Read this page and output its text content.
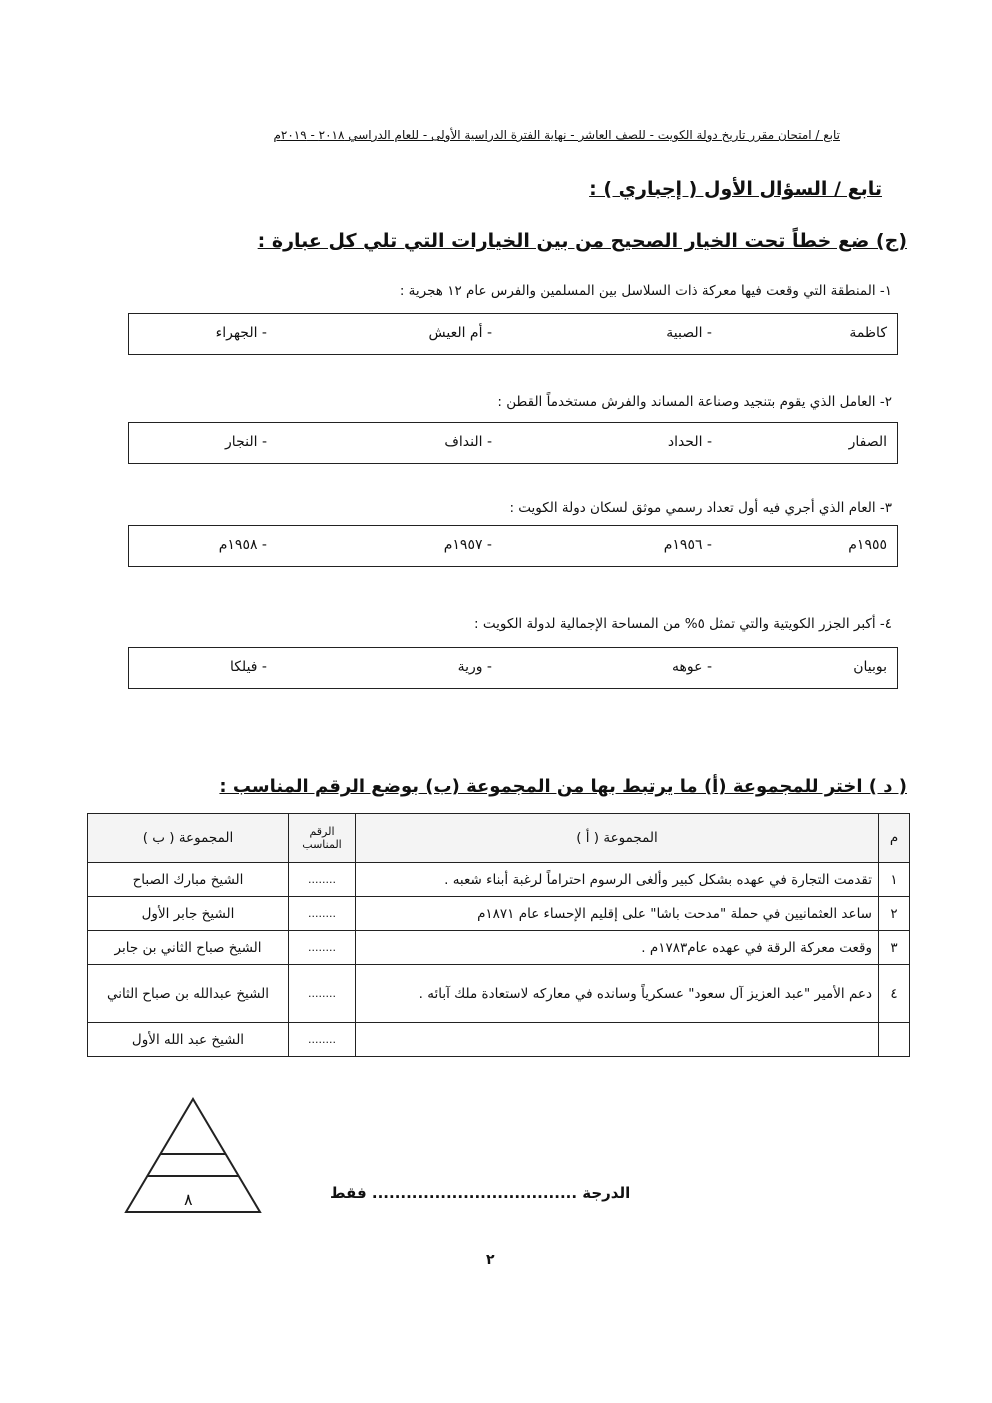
تابع / امتحان مقرر تاريخ دولة الكويت - للصف العاشر - نهاية الفترة الدراسية الأولى - للعام الدراسي ٢٠١٨ - ٢٠١٩م
تابع / السؤال الأول ( إجباري ) :
(ج) ضع خطاً تحت الخيار الصحيح من بين الخيارات التي تلي كل عبارة :
١- المنطقة التي وقعت فيها معركة ذات السلاسل بين المسلمين والفرس عام ١٢ هجرية :
كاظمة
- الصبية
- أم العيش
- الجهراء
٢- العامل الذي يقوم بتنجيد وصناعة المساند والفرش مستخدماً القطن :
الصفار
- الحداد
- النداف
- النجار
٣- العام الذي أجري فيه أول تعداد رسمي موثق لسكان دولة الكويت :
١٩٥٥م
- ١٩٥٦م
- ١٩٥٧م
- ١٩٥٨م
٤- أكبر الجزر الكويتية والتي تمثل ٥% من المساحة الإجمالية لدولة الكويت :
بوبيان
- عوهه
- ورية
- فيلكا
( د ) اختر للمجموعة (أ) ما يرتبط بها من المجموعة (ب) بوضع الرقم المناسب :
م	المجموعة ( أ )	الرقم المناسب	المجموعة ( ب )
١	تقدمت التجارة في عهده بشكل كبير وألغى الرسوم احتراماً لرغبة أبناء شعبه .	........	الشيخ مبارك الصباح
٢	ساعد العثمانيين في حملة "مدحت باشا" على إقليم الإحساء عام ١٨٧١م	........	الشيخ جابر الأول
٣	وقعت معركة الرقة في عهده عام١٧٨٣م .	........	الشيخ صباح الثاني بن جابر
٤	دعم الأمير "عبد العزيز آل سعود" عسكرياً وسانده في معاركه لاستعادة ملك آبائه .	........	الشيخ عبدالله بن صباح الثاني
		........	الشيخ عبد الله الأول
٨	الدرجة .................................... فقط
٢
